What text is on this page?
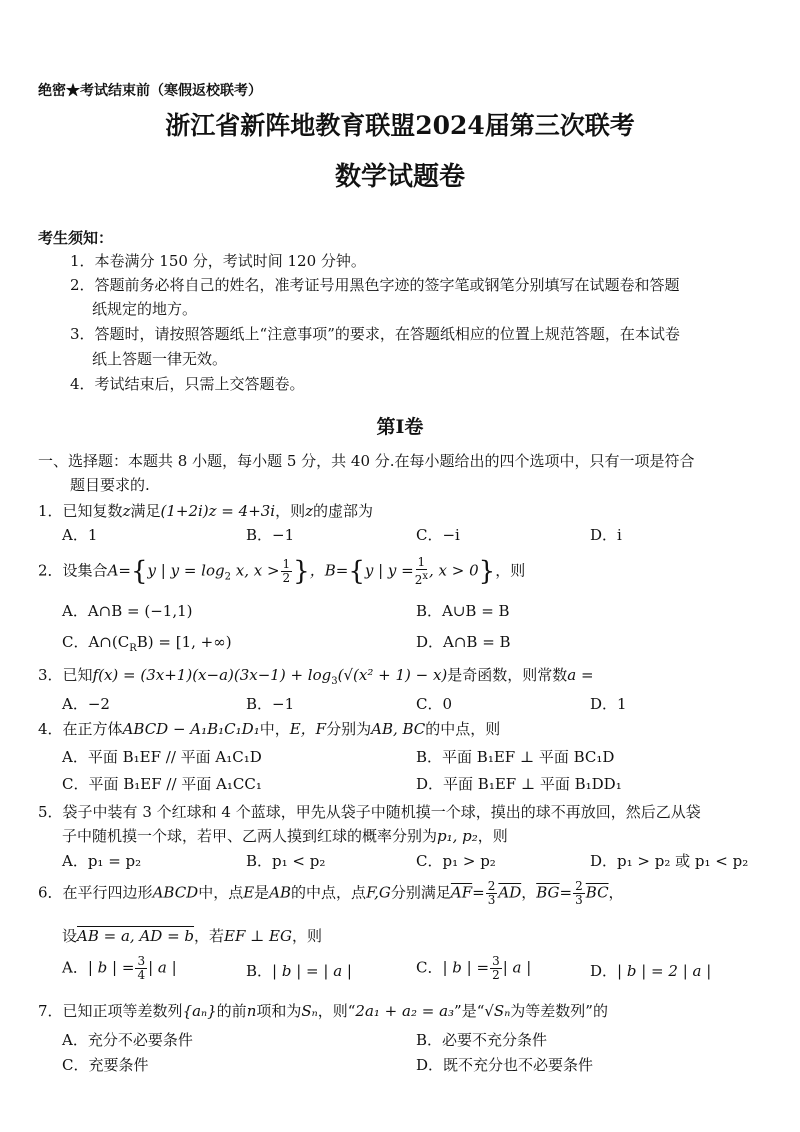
绝密★考试结束前（寒假返校联考）
浙江省新阵地教育联盟2024届第三次联考
数学试题卷
考生须知：
1．本卷满分 150 分，考试时间 120 分钟。
2．答题前务必将自己的姓名，准考证号用黑色字迹的签字笔或钢笔分别填写在试题卷和答题
纸规定的地方。
3．答题时，请按照答题纸上“注意事项”的要求，在答题纸相应的位置上规范答题，在本试卷
纸上答题一律无效。
4．考试结束后，只需上交答题卷。
第Ⅰ卷
一、选择题：本题共 8 小题，每小题 5 分，共 40 分.在每小题给出的四个选项中，只有一项是符合
题目要求的.
1．已知复数z满足(1+2i)z = 4+3i，则z的虚部为
A．1	B．−1	C．−i	D．i
2．设集合A={y | $y = \log_2 x$, $x > \frac{1}{2}$ }，B={y | $y = \frac{1}{2^x}$ , x > 0}，则
A．A∩B = (−1,1)	B．A∪B = B
C．$A\cap(C_RB) = [1$, +∞)	D．A∩B = B
3．已知$f(x) = (3x+1)(x-a)(3x-1) + \log_3(√(x^2 + 1) - x)$是奇函数，则常数a =
A．−2	B．−1	C．0	D．1
4．在正方体ABCD − A₁B₁C₁D₁中，E，F分别为AB, BC的中点，则
A．平面 B₁EF // 平面 A₁C₁D	B．平面 B₁EF ⊥ 平面 BC₁D
C．平面 B₁EF // 平面 A₁CC₁	D．平面 B₁EF ⊥ 平面 B₁DD₁
5．袋子中装有 3 个红球和 4 个蓝球，甲先从袋子中随机摸一个球，摸出的球不再放回，然后乙从袋
子中随机摸一个球，若甲、乙两人摸到红球的概率分别为p₁, p₂，则
A．p₁ = p₂	B．p₁ < p₂	C．p₁ > p₂	D．p₁ > p₂ 或 p₁ < p₂
6．在平行四边形ABCD中，点E是AB的中点，点F,G分别满足$\overline{AF}= \frac{2}{3} \overline{AD}$，$\overline{BG}= \frac{2}{3} \overline{BC}$，
设AB = a, AD = b，若EF ⊥ EG，则
A．| b | = $\frac{3}{4}$ | a |	B．| b | = | a |	C．| b | = $\frac{3}{2}$ | a |	D．| b | = 2 | a |
7．已知正项等差数列{aₙ}的前n项和为Sₙ，则“2a₁ + a₂ = a₃”是“√Sₙ为等差数列”的
A．充分不必要条件	B．必要不充分条件
C．充要条件	D．既不充分也不必要条件
